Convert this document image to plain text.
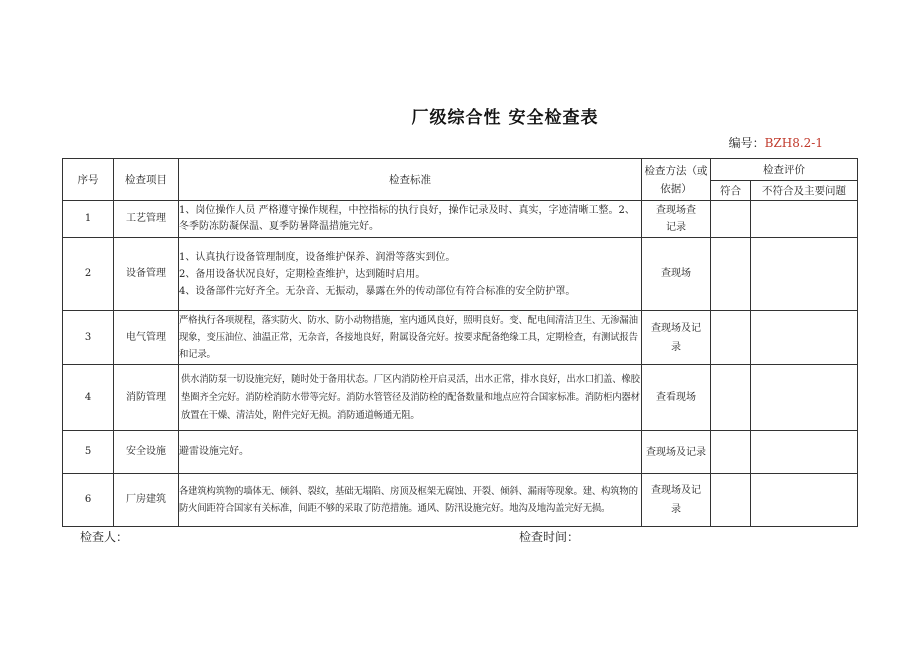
厂级综合性 安全检查表
编号：BZH8.2-1
序号	检查项目	检查标准	检查方法（或依据）	检查评价	
				符合	不符合及主要问题
1	工艺管理	1、岗位操作人员 严格遵守操作规程，中控指标的执行良好，操作记录及时、真实，字迹清晰工整。2、冬季防冻防凝保温、夏季防暑降温措施完好。	查现场查记录		
2	设备管理	1、认真执行设备管理制度，设备维护保养、润滑等落实到位。
2、备用设备状况良好，定期检查维护，达到随时启用。
4、设备部件完好齐全。无杂音、无振动，暴露在外的传动部位有符合标准的安全防护罩。	查现场		
3	电气管理	严格执行各项规程，落实防火、防水、防小动物措施，室内通风良好，照明良好。变、配电间清洁卫生、无渗漏油现象，变压油位、油温正常，无杂音，各接地良好，附属设备完好。按要求配备绝缘工具，定期检查，有测试报告和记录。	查现场及记录		
4	消防管理	供水消防泵一切设施完好，随时处于备用状态。厂区内消防栓开启灵活，出水正常，排水良好，出水口扪盖、橡胶垫圈齐全完好。消防栓消防水带等完好。消防水管管径及消防栓的配备数量和地点应符合国家标准。消防柜内器材放置在干燥、清洁处，附件完好无损。消防通道畅通无阻。	查看现场		
5	安全设施	避雷设施完好。	查现场及记录		
6	厂房建筑	各建筑构筑物的墙体无、倾斜、裂纹，基础无塌陷、房顶及框架无腐蚀、开裂、倾斜、漏雨等现象。建、构筑物的防火间距符合国家有关标准，间距不够的采取了防范措施。通风、防汛设施完好。地沟及地沟盖完好无损。	查现场及记录		
检查人：	检查时间：
